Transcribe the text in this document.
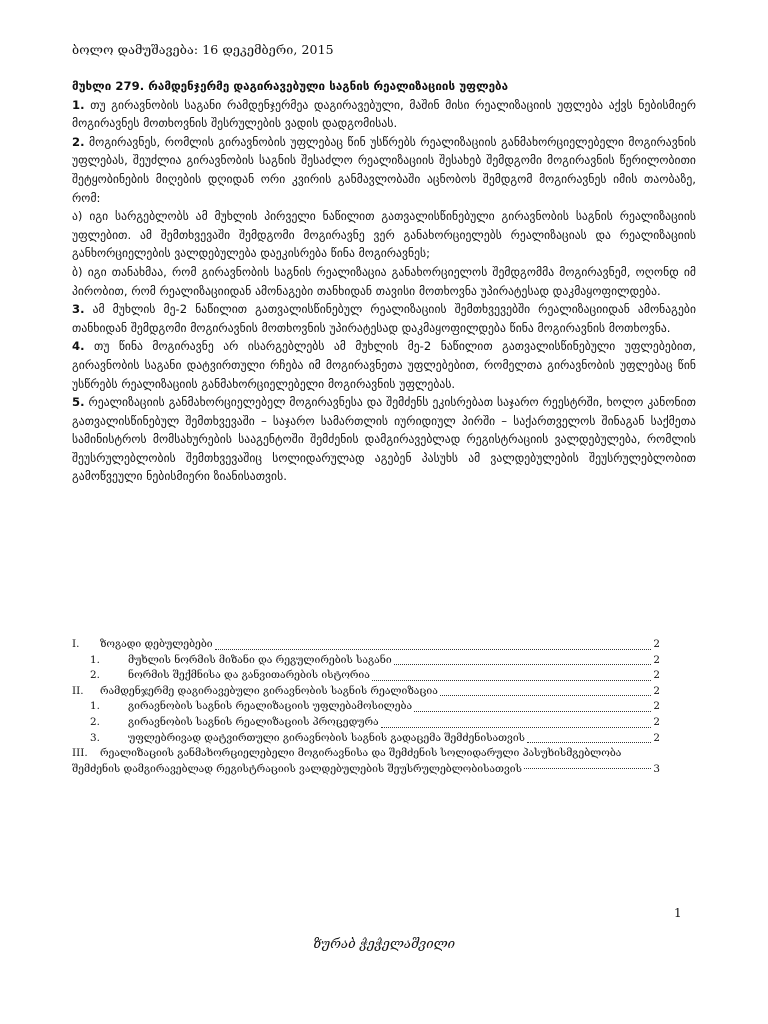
ბოლო დამუშავება: 16 დეკემბერი, 2015

მუხლი 279. რამდენჯერმე დაგირავებული საგნის რეალიზაციის უფლება

1. თუ გირავნობის საგანი რამდენჯერმეა დაგირავებული, მაშინ მისი რეალიზაციის უფლება აქვს ნებისმიერ მოგირავნეს მოთხოვნის შესრულების ვადის დადგომისას.

2. მოგირავნეს, რომლის გირავნობის უფლებაც წინ უსწრებს რეალიზაციის განმახორციელებელი მოგირავნის უფლებას, შეუძლია გირავნობის საგნის შესაძლო რეალიზაციის შესახებ შემდგომი მოგირავნის წერილობითი შეტყობინების მიღების დღიდან ორი კვირის განმავლობაში აცნობოს შემდგომ მოგირავნეს იმის თაობაზე, რომ:

ა) იგი სარგებლობს ამ მუხლის პირველი ნაწილით გათვალისწინებული გირავნობის საგნის რეალიზაციის უფლებით. ამ შემთხვევაში შემდგომი მოგირავნე ვერ განახორციელებს რეალიზაციას და რეალიზაციის განხორციელების ვალდებულება დაეკისრება წინა მოგირავნეს;

ბ) იგი თანახმაა, რომ გირავნობის საგნის რეალიზაცია განახორციელოს შემდგომმა მოგირავნემ, ოღონდ იმ პირობით, რომ რეალიზაციიდან ამონაგები თანხიდან თავისი მოთხოვნა უპირატესად დაკმაყოფილდება.

3. ამ მუხლის მე-2 ნაწილით გათვალისწინებულ რეალიზაციის შემთხვევებში რეალიზაციიდან ამონაგები თანხიდან შემდგომი მოგირავნის მოთხოვნის უპირატესად დაკმაყოფილდება წინა მოგირავნის მოთხოვნა.

4. თუ წინა მოგირავნე არ ისარგებლებს ამ მუხლის მე-2 ნაწილით გათვალისწინებული უფლებებით, გირავნობის საგანი დატვირთული რჩება იმ მოგირავნეთა უფლებებით, რომელთა გირავნობის უფლებაც წინ უსწრებს რეალიზაციის განმახორციელებელი მოგირავნის უფლებას.

5. რეალიზაციის განმახორციელებელ მოგირავნესა და შემძენს ეკისრებათ საჯარო რეესტრში, ხოლო კანონით გათვალისწინებულ შემთხვევაში – საჯარო სამართლის იურიდიულ პირში – საქართველოს შინაგან საქმეთა სამინისტროს მომსახურების სააგენტოში შემძენის დამგირავებლად რეგისტრაციის ვალდებულება, რომლის შეუსრულებლობის შემთხვევაშიც სოლიდარულად აგებენ პასუხს ამ ვალდებულების შეუსრულებლობით გამოწვეული ნებისმიერი ზიანისათვის.

I.	ზოგადი დებულებები	2
1.	მუხლის ნორმის მიზანი და რეგულირების საგანი	2
2.	ნორმის შექმნისა და განვითარების ისტორია	2
II.	რამდენჯერმე დაგირავებული გირავნობის საგნის რეალიზაცია	2
1.	გირავნობის საგნის რეალიზაციის უფლებამოსილება	2
2.	გირავნობის საგნის რეალიზაციის პროცედურა	2
3.	უფლებრივად დატვირთული გირავნობის საგნის გადაცემა შემძენისათვის	2
III. რეალიზაციის განმახორციელებელი მოგირავნისა და შემძენის სოლიდარული პასუხისმგებლობა
შემძენის დამგირავებლად რეგისტრაციის ვალდებულების შეუსრულებლობისათვის	3
1
ზურაბ ჭეჭელაშვილი
